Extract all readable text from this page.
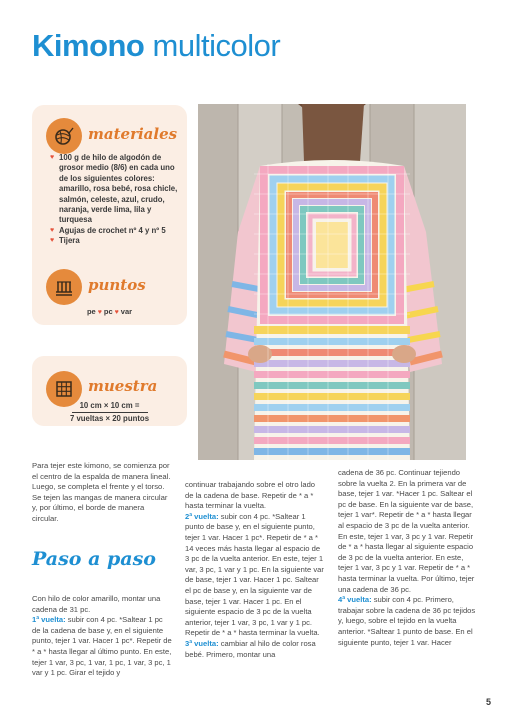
Kimono multicolor
materiales
♥ 100 g de hilo de algodón de grosor medio (8/6) en cada uno de los siguientes colores: amarillo, rosa bebé, rosa chicle, salmón, celeste, azul, crudo, naranja, verde lima, lila y turquesa
♥ Agujas de crochet nº 4 y nº 5
♥ Tijera
puntos
pe ♥ pc ♥ var
muestra
10 cm × 10 cm =
7 vueltas × 20 puntos
Para tejer este kimono, se comienza por el centro de la espalda de manera lineal. Luego, se completa el frente y el torso. Se tejen las mangas de manera circular y, por último, el borde de manera circular.
Paso a paso

Con hilo de color amarillo, montar una cadena de 31 pc.

1ª vuelta: subir con 4 pc. *Saltear 1 pc de la cadena de base y, en el siguiente punto, tejer 1 var. Hacer 1 pc*. Repetir de * a * hasta llegar al último punto. En este, tejer 1 var, 3 pc, 1 var, 1 pc, 1 var, 3 pc, 1 var y 1 pc. Girar el tejido y

continuar trabajando sobre el otro lado de la cadena de base. Repetir de * a * hasta terminar la vuelta.

2ª vuelta: subir con 4 pc. *Saltear 1 punto de base y, en el siguiente punto, tejer 1 var. Hacer 1 pc*. Repetir de * a * 14 veces más hasta llegar al espacio de 3 pc de la vuelta anterior. En este, tejer 1 var, 3 pc, 1 var y 1 pc. En la siguiente var de base, tejer 1 var. Hacer 1 pc. Saltear el pc de base y, en la siguiente var de base, tejer 1 var. Hacer 1 pc. En el siguiente espacio de 3 pc de la vuelta anterior, tejer 1 var, 3 pc, 1 var y 1 pc. Repetir de * a * hasta terminar la vuelta.

3ª vuelta: cambiar al hilo de color rosa bebé. Primero, montar una

cadena de 36 pc. Continuar tejiendo sobre la vuelta 2. En la primera var de base, tejer 1 var. *Hacer 1 pc. Saltear el pc de base. En la siguiente var de base, tejer 1 var*. Repetir de * a * hasta llegar al espacio de 3 pc de la vuelta anterior. En este, tejer 1 var, 3 pc y 1 var. Repetir de * a * hasta llegar al siguiente espacio de 3 pc de la vuelta anterior. En este, tejer 1 var, 3 pc y 1 var. Repetir de * a * hasta terminar la vuelta. Por último, tejer una cadena de 36 pc.

4ª vuelta: subir con 4 pc. Primero, trabajar sobre la cadena de 36 pc tejidos y, luego, sobre el tejido en la vuelta anterior. *Saltear 1 punto de base. En el siguiente punto, tejer 1 var. Hacer

5
